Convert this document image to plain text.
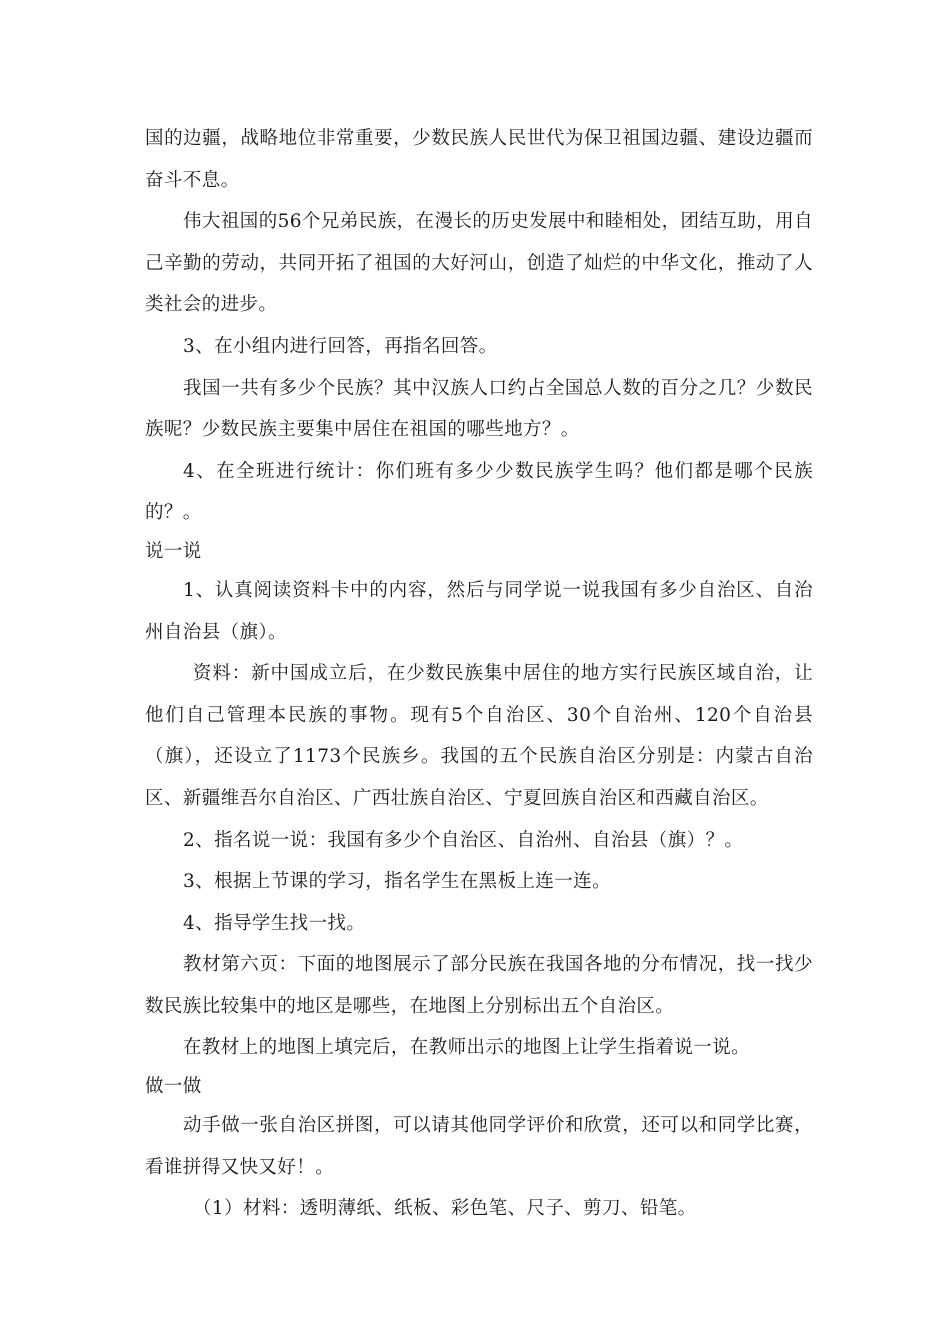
国的边疆，战略地位非常重要，少数民族人民世代为保卫祖国边疆、建设边疆而奋斗不息。

伟大祖国的56个兄弟民族，在漫长的历史发展中和睦相处，团结互助，用自己辛勤的劳动，共同开拓了祖国的大好河山，创造了灿烂的中华文化，推动了人类社会的进步。

3、在小组内进行回答，再指名回答。

我国一共有多少个民族？其中汉族人口约占全国总人数的百分之几？少数民族呢？少数民族主要集中居住在祖国的哪些地方？。

4、在全班进行统计：你们班有多少少数民族学生吗？他们都是哪个民族的？。

说一说

1、认真阅读资料卡中的内容，然后与同学说一说我国有多少自治区、自治州自治县（旗）。

资料：新中国成立后，在少数民族集中居住的地方实行民族区域自治，让他们自己管理本民族的事物。现有5个自治区、30个自治州、120个自治县（旗），还设立了1173个民族乡。我国的五个民族自治区分别是：内蒙古自治区、新疆维吾尔自治区、广西壮族自治区、宁夏回族自治区和西藏自治区。

2、指名说一说：我国有多少个自治区、自治州、自治县（旗）？。

3、根据上节课的学习，指名学生在黑板上连一连。

4、指导学生找一找。

教材第六页：下面的地图展示了部分民族在我国各地的分布情况，找一找少数民族比较集中的地区是哪些，在地图上分别标出五个自治区。

在教材上的地图上填完后，在教师出示的地图上让学生指着说一说。

做一做

动手做一张自治区拼图，可以请其他同学评价和欣赏，还可以和同学比赛，看谁拼得又快又好！。

（1）材料：透明薄纸、纸板、彩色笔、尺子、剪刀、铅笔。
